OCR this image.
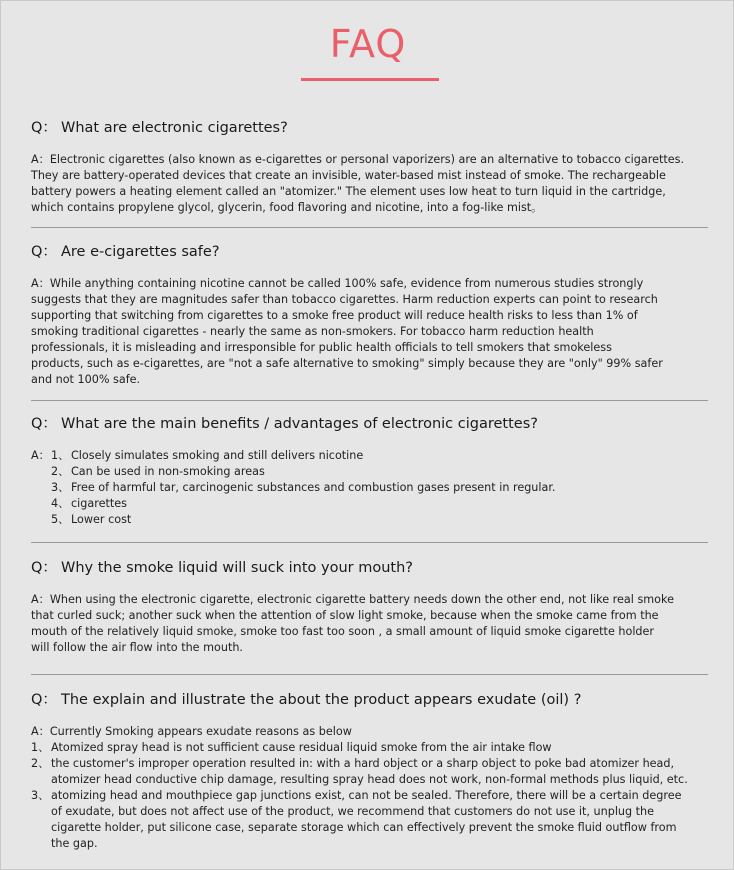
FAQ
Q： What are electronic cigarettes?
A：Electronic cigarettes (also known as e-cigarettes or personal vaporizers) are an alternative to tobacco cigarettes.
They are battery-operated devices that create an invisible, water-based mist instead of smoke. The rechargeable
battery powers a heating element called an "atomizer." The element uses low heat to turn liquid in the cartridge,
which contains propylene glycol, glycerin, food flavoring and nicotine, into a fog-like mist。
Q： Are e-cigarettes safe?
A：While anything containing nicotine cannot be called 100% safe, evidence from numerous studies strongly
suggests that they are magnitudes safer than tobacco cigarettes. Harm reduction experts can point to research
supporting that switching from cigarettes to a smoke free product will reduce health risks to less than 1% of
smoking traditional cigarettes - nearly the same as non-smokers. For tobacco harm reduction health
professionals, it is misleading and irresponsible for public health officials to tell smokers that smokeless
products, such as e-cigarettes, are "not a safe alternative to smoking" simply because they are "only" 99% safer
and not 100% safe.
Q： What are the main benefits / advantages of electronic cigarettes?
A： 1、 Closely simulates smoking and still delivers nicotine
2、 Can be used in non-smoking areas
3、 Free of harmful tar, carcinogenic substances and combustion gases present in regular.
4、 cigarettes
5、 Lower cost
Q： Why the smoke liquid will suck into your mouth?
A：When using the electronic cigarette, electronic cigarette battery needs down the other end, not like real smoke
that curled suck; another suck when the attention of slow light smoke, because when the smoke came from the
mouth of the relatively liquid smoke, smoke too fast too soon , a small amount of liquid smoke cigarette holder
will follow the air flow into the mouth.
Q： The explain and illustrate the about the product appears exudate (oil) ?
A：Currently Smoking appears exudate reasons as below
1、 Atomized spray head is not sufficient cause residual liquid smoke from the air intake flow
2、 the customer's improper operation resulted in: with a hard object or a sharp object to poke bad atomizer head,
atomizer head conductive chip damage, resulting spray head does not work, non-formal methods plus liquid, etc.
3、 atomizing head and mouthpiece gap junctions exist, can not be sealed. Therefore, there will be a certain degree
of exudate, but does not affect use of the product, we recommend that customers do not use it, unplug the
cigarette holder, put silicone case, separate storage which can effectively prevent the smoke fluid outflow from
the gap.
